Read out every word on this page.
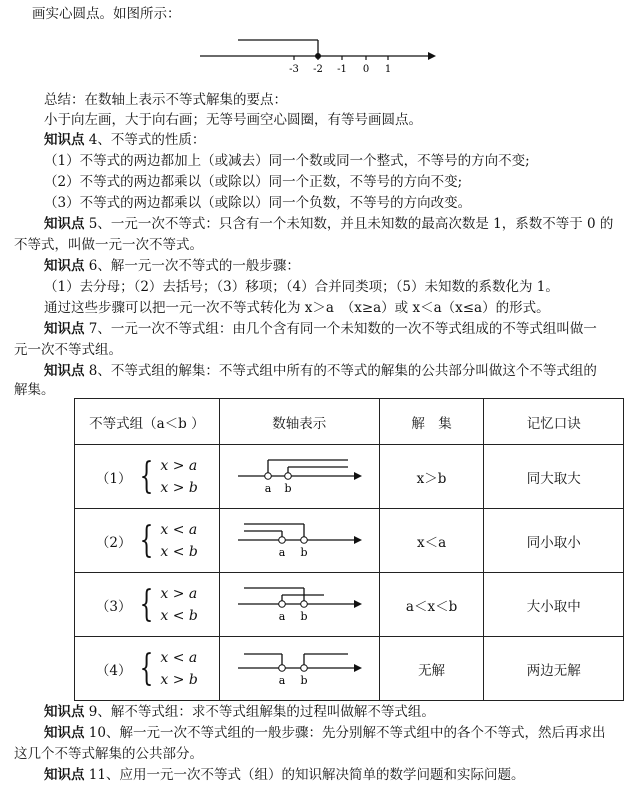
画实心圆点。如图所示：
-3 -2 -1 0 1
总结：在数轴上表示不等式解集的要点：
小于向左画，大于向右画；无等号画空心圆圈，有等号画圆点。
知识点 4、不等式的性质：
（1）不等式的两边都加上（或减去）同一个数或同一个整式，不等号的方向不变;
（2）不等式的两边都乘以（或除以）同一个正数，不等号的方向不变;
（3）不等式的两边都乘以（或除以）同一个负数，不等号的方向改变。
知识点 5、一元一次不等式：只含有一个未知数，并且未知数的最高次数是 1，系数不等于 0 的
不等式，叫做一元一次不等式。
知识点 6、解一元一次不等式的一般步骤：
（1）去分母；（2）去括号；（3）移项；（4）合并同类项；（5）未知数的系数化为 1。
通过这些步骤可以把一元一次不等式转化为 x＞a　（x≥a）或 x＜a（x≤a）的形式。
知识点 7、一元一次不等式组：由几个含有同一个未知数的一次不等式组成的不等式组叫做一
元一次不等式组。
知识点 8、不等式组的解集：不等式组中所有的不等式的解集的公共部分叫做这个不等式组的
解集。
不等式组（a＜b ）	数轴表示	解　集	记忆口诀

（1） { x > a
x > b	a b	x＞b	同大取大

（2） { x < a
x < b	a b	x＜a	同小取小

（3） { x > a
x < b	a b	a＜x＜b	大小取中

（4） { x < a
x > b	a b	无解	两边无解
知识点 9、解不等式组：求不等式组解集的过程叫做解不等式组。
知识点 10、解一元一次不等式组的一般步骤：先分别解不等式组中的各个不等式，然后再求出
这几个不等式解集的公共部分。
知识点 11、应用一元一次不等式（组）的知识解决简单的数学问题和实际问题。
